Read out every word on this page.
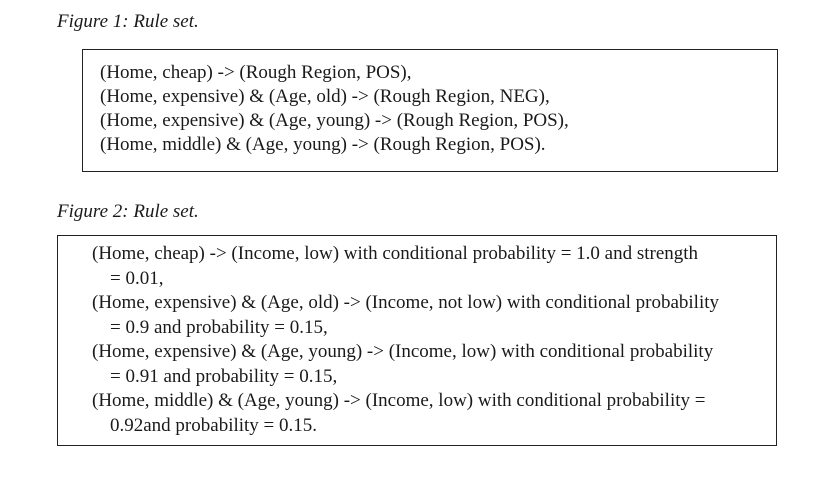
Figure 1: Rule set.
(Home, cheap) -> (Rough Region, POS),
(Home, expensive) & (Age, old) -> (Rough Region, NEG),
(Home, expensive) & (Age, young) -> (Rough Region, POS),
(Home, middle) & (Age, young) -> (Rough Region, POS).
Figure 2: Rule set.
(Home, cheap) -> (Income, low) with conditional probability = 1.0 and strength
= 0.01,
(Home, expensive) & (Age, old) -> (Income, not low) with conditional probability
= 0.9 and probability = 0.15,
(Home, expensive) & (Age, young) -> (Income, low) with conditional probability
= 0.91 and probability = 0.15,
(Home, middle) & (Age, young) -> (Income, low) with conditional probability =
0.92and probability = 0.15.
